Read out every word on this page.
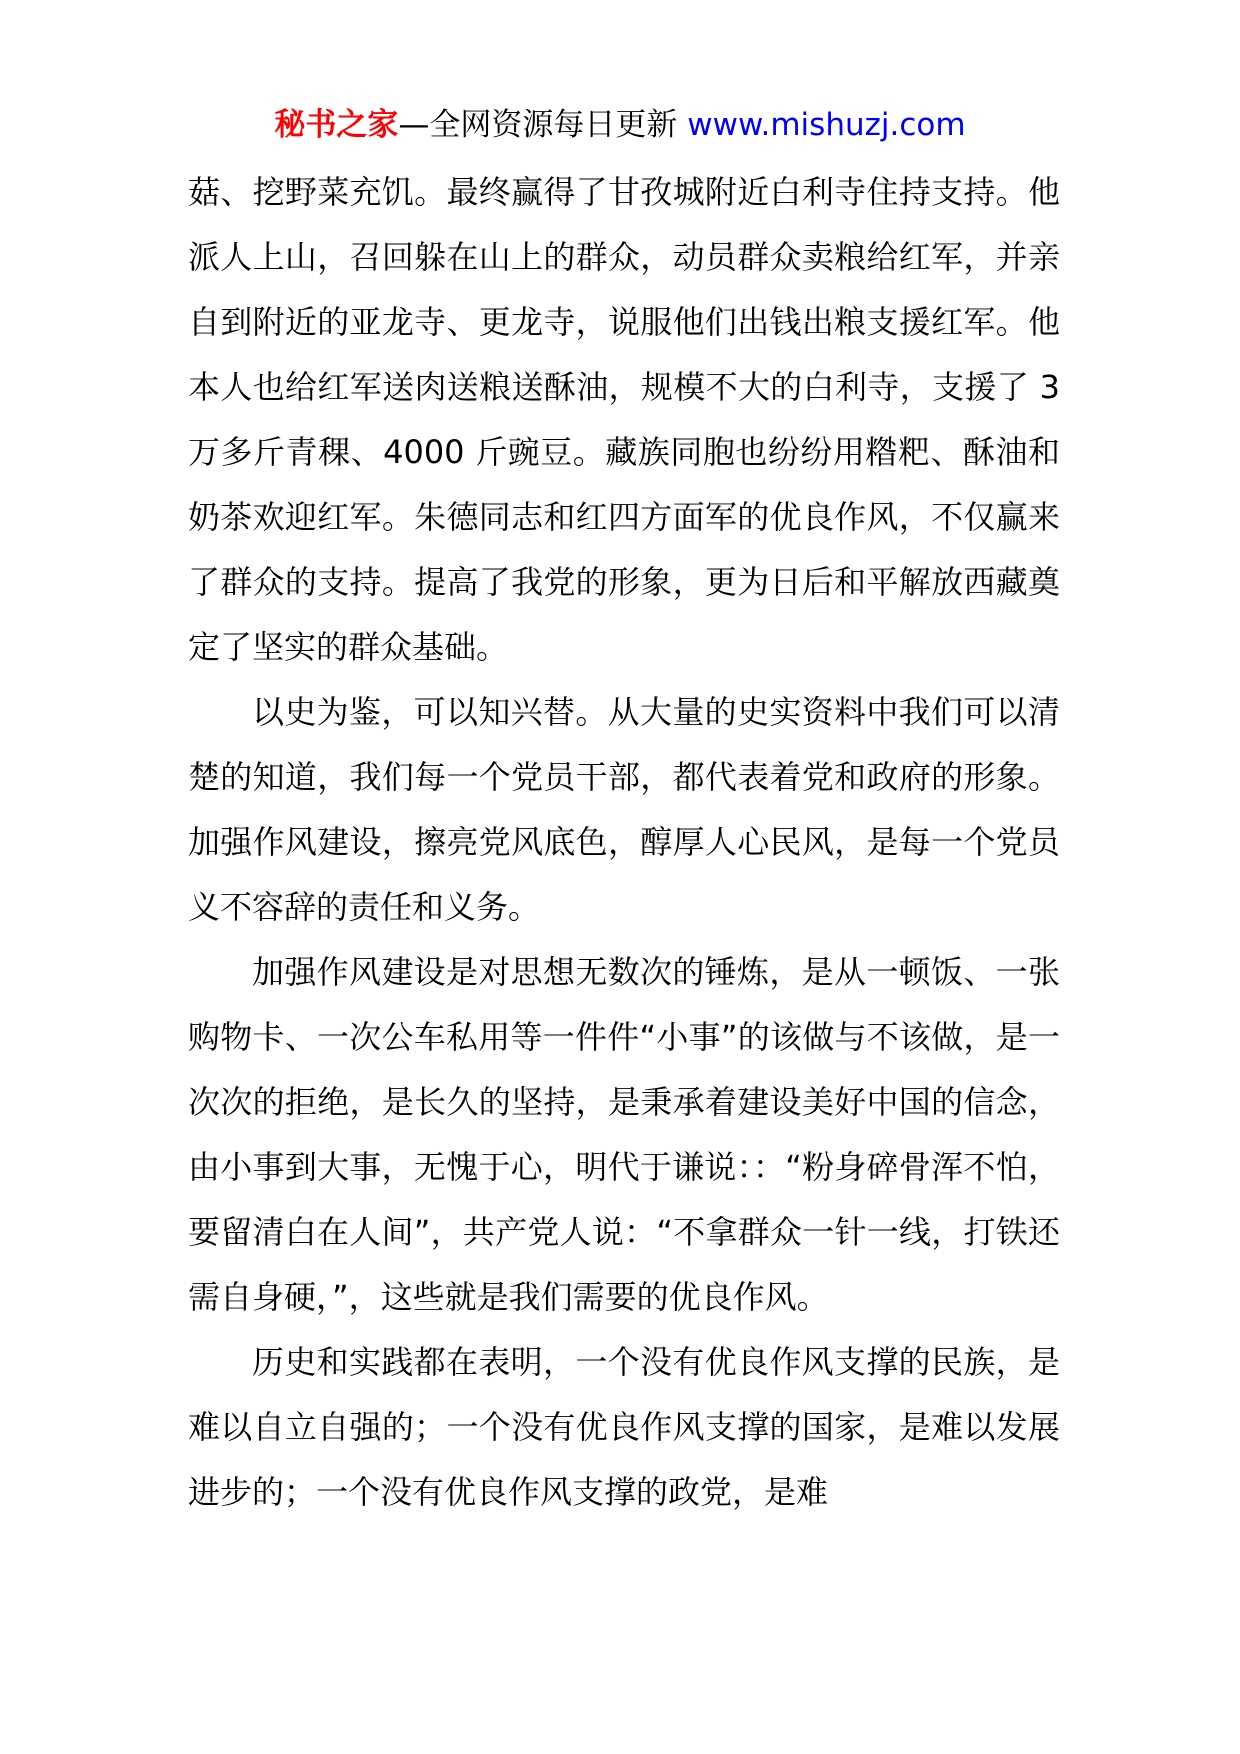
秘书之家—全网资源每日更新 www.mishuzj.com

菇、挖野菜充饥。最终赢得了甘孜城附近白利寺住持支持。他派人上山，召回躲在山上的群众，动员群众卖粮给红军，并亲自到附近的亚龙寺、更龙寺，说服他们出钱出粮支援红军。他本人也给红军送肉送粮送酥油，规模不大的白利寺，支援了 3 万多斤青稞、4000 斤豌豆。藏族同胞也纷纷用糌粑、酥油和奶茶欢迎红军。朱德同志和红四方面军的优良作风，不仅赢来了群众的支持。提高了我党的形象，更为日后和平解放西藏奠定了坚实的群众基础。

以史为鉴，可以知兴替。从大量的史实资料中我们可以清楚的知道，我们每一个党员干部，都代表着党和政府的形象。加强作风建设，擦亮党风底色，醇厚人心民风，是每一个党员义不容辞的责任和义务。

加强作风建设是对思想无数次的锤炼，是从一顿饭、一张购物卡、一次公车私用等一件件“小事”的该做与不该做，是一次次的拒绝，是长久的坚持，是秉承着建设美好中国的信念，由小事到大事，无愧于心，明代于谦说：：“粉身碎骨浑不怕，要留清白在人间”，共产党人说：“不拿群众一针一线，打铁还需自身硬，”，这些就是我们需要的优良作风。

历史和实践都在表明，一个没有优良作风支撑的民族，是难以自立自强的；一个没有优良作风支撑的国家，是难以发展进步的；一个没有优良作风支撑的政党，是难
